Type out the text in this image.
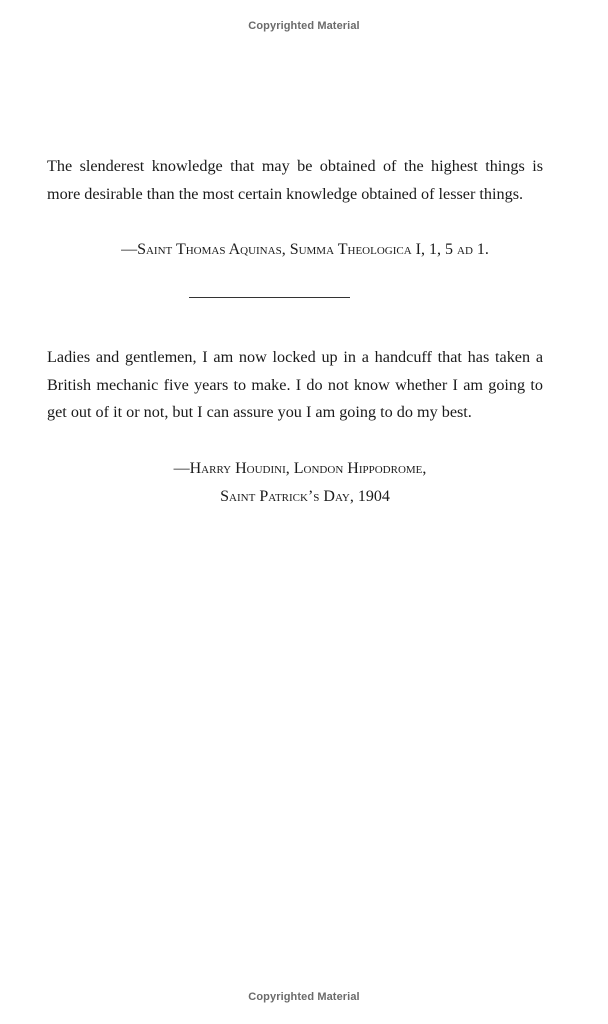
Copyrighted Material

The slenderest knowledge that may be obtained of the highest things is more desirable than the most certain knowledge obtained of lesser things.

—Saint Thomas Aquinas, Summa Theologica I, 1, 5 ad 1.

Ladies and gentlemen, I am now locked up in a handcuff that has taken a British mechanic five years to make. I do not know whether I am going to get out of it or not, but I can assure you I am going to do my best.

—Harry Houdini, London Hippodrome,
Saint Patrick’s Day, 1904
Copyrighted Material
